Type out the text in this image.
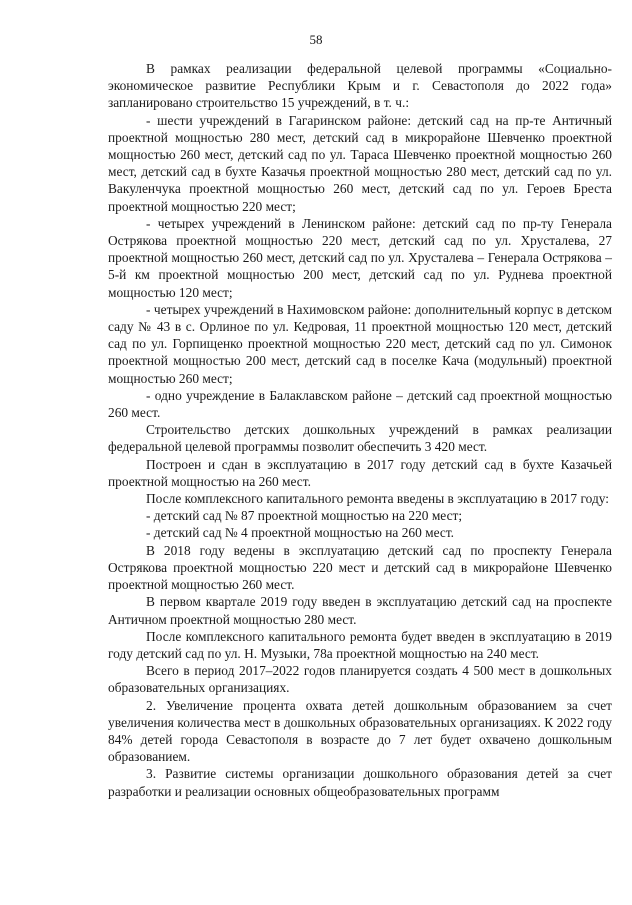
58

В рамках реализации федеральной целевой программы «Социально-экономическое развитие Республики Крым и г. Севастополя до 2022 года» запланировано строительство 15 учреждений, в т. ч.:

- шести учреждений в Гагаринском районе: детский сад на пр-те Античный проектной мощностью 280 мест, детский сад в микрорайоне Шевченко проектной мощностью 260 мест, детский сад по ул. Тараса Шевченко проектной мощностью 260 мест, детский сад в бухте Казачья проектной мощностью 280 мест, детский сад по ул. Вакуленчука проектной мощностью 260 мест, детский сад по ул. Героев Бреста проектной мощностью 220 мест;

- четырех учреждений в Ленинском районе: детский сад по пр-ту Генерала Острякова проектной мощностью 220 мест, детский сад по ул. Хрусталева, 27 проектной мощностью 260 мест, детский сад по ул. Хрусталева – Генерала Острякова – 5-й км проектной мощностью 200 мест, детский сад по ул. Руднева проектной мощностью 120 мест;

- четырех учреждений в Нахимовском районе: дополнительный корпус в детском саду № 43 в с. Орлиное по ул. Кедровая, 11 проектной мощностью 120 мест, детский сад по ул. Горпищенко проектной мощностью 220 мест, детский сад по ул. Симонок проектной мощностью 200 мест, детский сад в поселке Кача (модульный) проектной мощностью 260 мест;

- одно учреждение в Балаклавском районе – детский сад проектной мощностью 260 мест.

Строительство детских дошкольных учреждений в рамках реализации федеральной целевой программы позволит обеспечить 3 420 мест.

Построен и сдан в эксплуатацию в 2017 году детский сад в бухте Казачьей проектной мощностью на 260 мест.

После комплексного капитального ремонта введены в эксплуатацию в 2017 году:

- детский сад № 87 проектной мощностью на 220 мест;

- детский сад № 4 проектной мощностью на 260 мест.

В 2018 году ведены в эксплуатацию детский сад по проспекту Генерала Острякова проектной мощностью 220 мест и детский сад в микрорайоне Шевченко проектной мощностью 260 мест.

В первом квартале 2019 году введен в эксплуатацию детский сад на проспекте Античном проектной мощностью 280 мест.

После комплексного капитального ремонта будет введен в эксплуатацию в 2019 году детский сад по ул. Н. Музыки, 78а проектной мощностью на 240 мест.

Всего в период 2017–2022 годов планируется создать 4 500 мест в дошкольных образовательных организациях.

2. Увеличение процента охвата детей дошкольным образованием за счет увеличения количества мест в дошкольных образовательных организациях. К 2022 году 84% детей города Севастополя в возрасте до 7 лет будет охвачено дошкольным образованием.

3. Развитие системы организации дошкольного образования детей за счет разработки и реализации основных общеобразовательных программ
